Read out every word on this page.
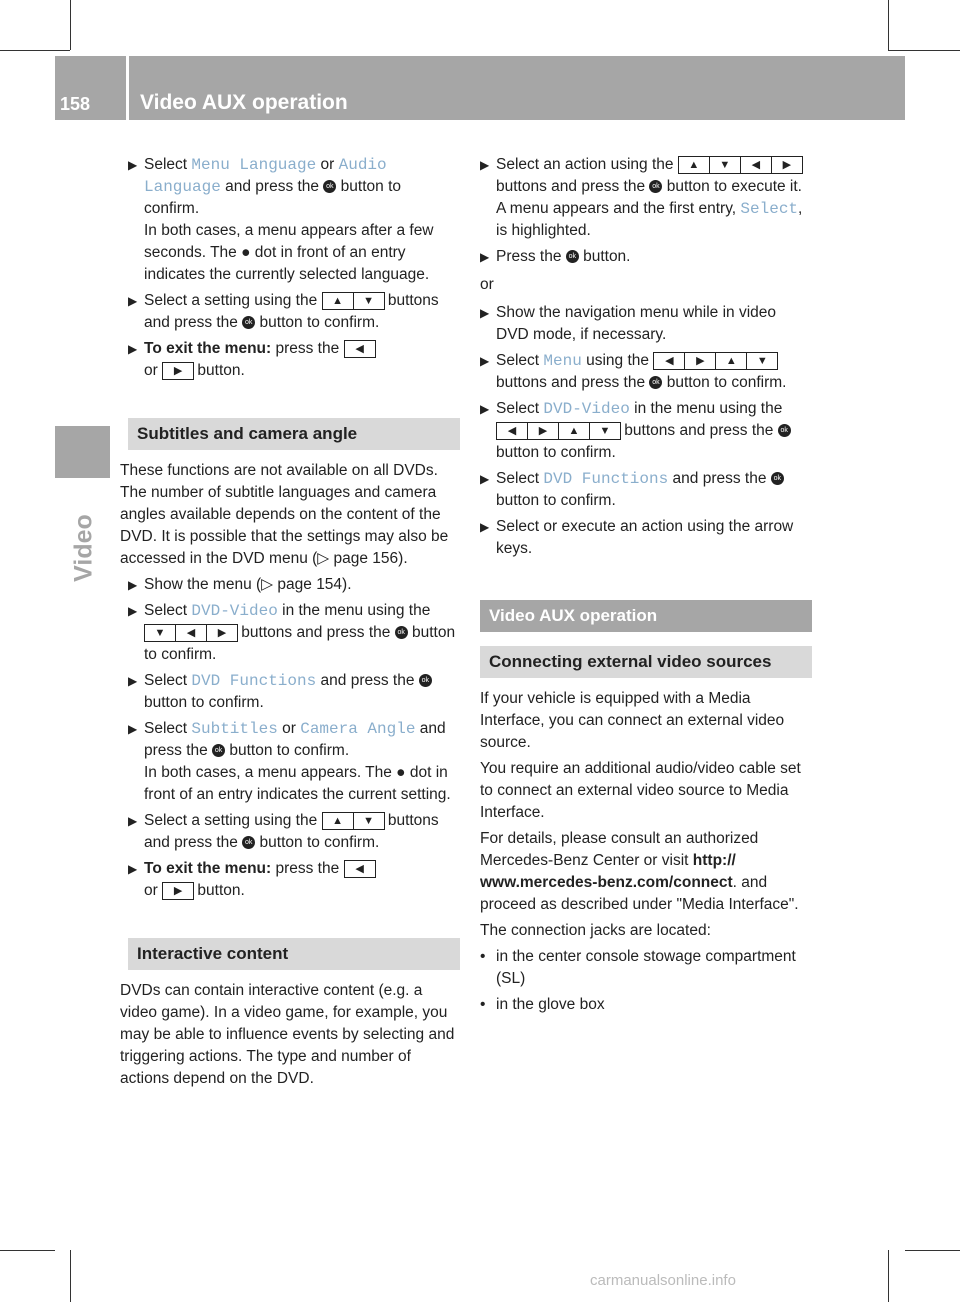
158 Video AUX operation
Video
▶ Select Menu Language or Audio Language and press the ok button to confirm.
In both cases, a menu appears after a few seconds. The ● dot in front of an entry indicates the currently selected language.
▶ Select a setting using the ▲ ▼ buttons and press the ok button to confirm.
▶ To exit the menu: press the ◀
or ▶ button.
Subtitles and camera angle

These functions are not available on all DVDs. The number of subtitle languages and camera angles available depends on the content of the DVD. It is possible that the settings may also be accessed in the DVD menu (▷ page 156).

▶ Show the menu (▷ page 154).
▶ Select DVD-Video in the menu using the ▼ ◀ ▶ buttons and press the ok button to confirm.
▶ Select DVD Functions and press the ok button to confirm.
▶ Select Subtitles or Camera Angle and press the ok button to confirm.
In both cases, a menu appears. The ● dot in front of an entry indicates the current setting.
▶ Select a setting using the ▲ ▼ buttons and press the ok button to confirm.
▶ To exit the menu: press the ◀
or ▶ button.
Interactive content

DVDs can contain interactive content (e.g. a video game). In a video game, for example, you may be able to influence events by selecting and triggering actions. The type and number of actions depend on the DVD.

▶ Select an action using the ▲ ▼ ◀ ▶ buttons and press the ok button to execute it.
A menu appears and the first entry, Select, is highlighted.
▶ Press the ok button.

or

▶ Show the navigation menu while in video DVD mode, if necessary.
▶ Select Menu using the ◀ ▶ ▲ ▼ buttons and press the ok button to confirm.
▶ Select DVD-Video in the menu using the ◀ ▶ ▲ ▼ buttons and press the ok button to confirm.
▶ Select DVD Functions and press the ok button to confirm.
▶ Select or execute an action using the arrow keys.
Video AUX operation
Connecting external video sources

If your vehicle is equipped with a Media Interface, you can connect an external video source.

You require an additional audio/video cable set to connect an external video source to Media Interface.

For details, please consult an authorized Mercedes-Benz Center or visit http:// www.mercedes-benz.com/connect. and proceed as described under "Media Interface".

The connection jacks are located:

• in the center console stowage compartment (SL)
• in the glove box
carmanualsonline.info
